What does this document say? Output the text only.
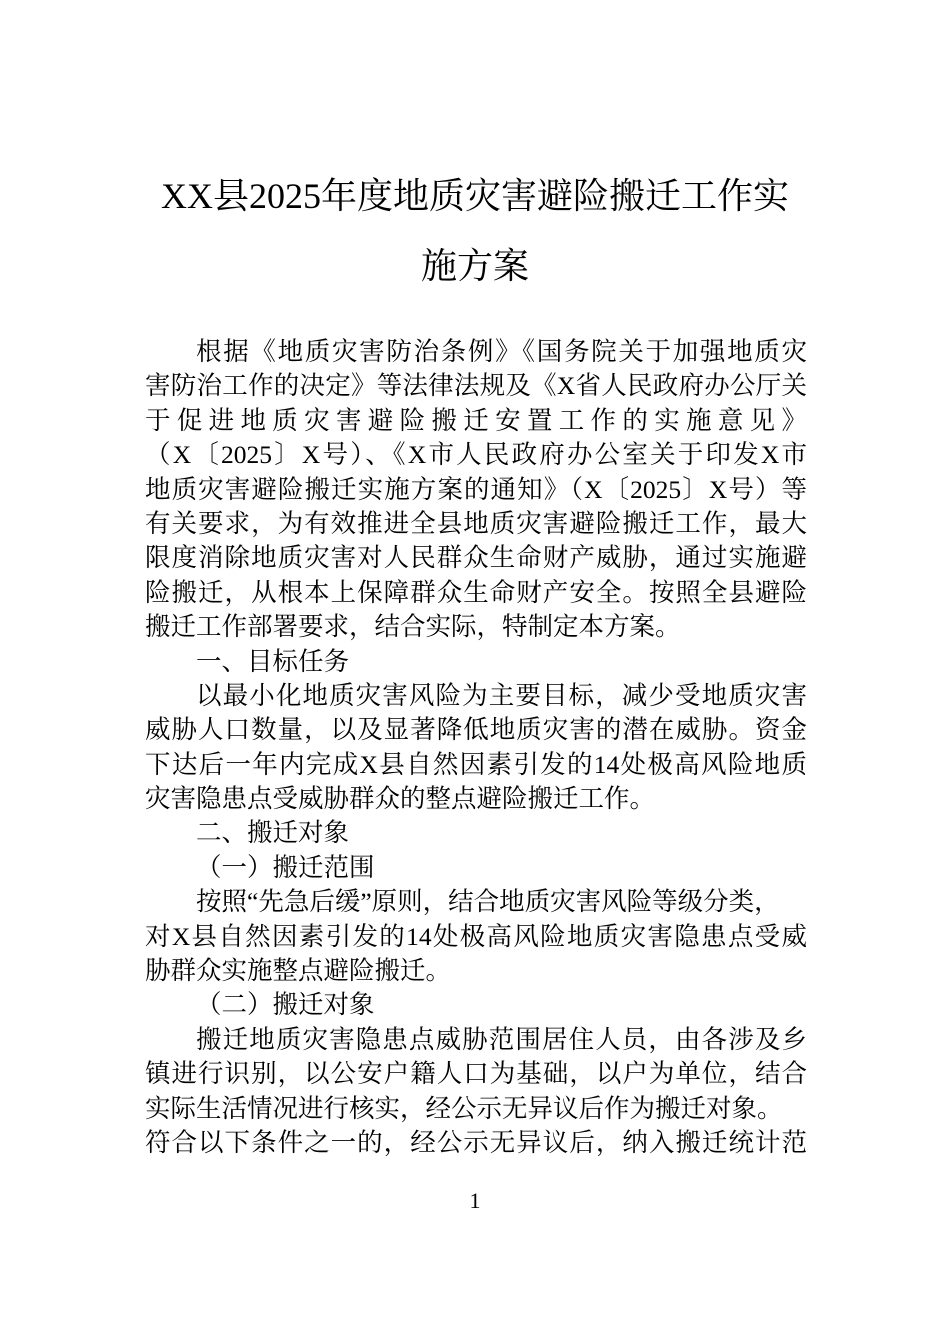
XX县2025年度地质灾害避险搬迁工作实
施方案
根据《地质灾害防治条例》《国务院关于加强地质灾
害防治工作的决定》等法律法规及《X省人民政府办公厅关
于促进地质灾害避险搬迁安置工作的实施意见》
（X〔2025〕X号）、《X市人民政府办公室关于印发X市
地质灾害避险搬迁实施方案的通知》（X〔2025〕X号）等
有关要求，为有效推进全县地质灾害避险搬迁工作，最大
限度消除地质灾害对人民群众生命财产威胁，通过实施避
险搬迁，从根本上保障群众生命财产安全。按照全县避险
搬迁工作部署要求，结合实际，特制定本方案。
一、目标任务
以最小化地质灾害风险为主要目标，减少受地质灾害
威胁人口数量，以及显著降低地质灾害的潜在威胁。资金
下达后一年内完成X县自然因素引发的14处极高风险地质
灾害隐患点受威胁群众的整点避险搬迁工作。
二、搬迁对象
（一）搬迁范围
按照“先急后缓”原则，结合地质灾害风险等级分类，
对X县自然因素引发的14处极高风险地质灾害隐患点受威
胁群众实施整点避险搬迁。
（二）搬迁对象
搬迁地质灾害隐患点威胁范围居住人员，由各涉及乡
镇进行识别，以公安户籍人口为基础，以户为单位，结合
实际生活情况进行核实，经公示无异议后作为搬迁对象。
符合以下条件之一的，经公示无异议后，纳入搬迁统计范
1
